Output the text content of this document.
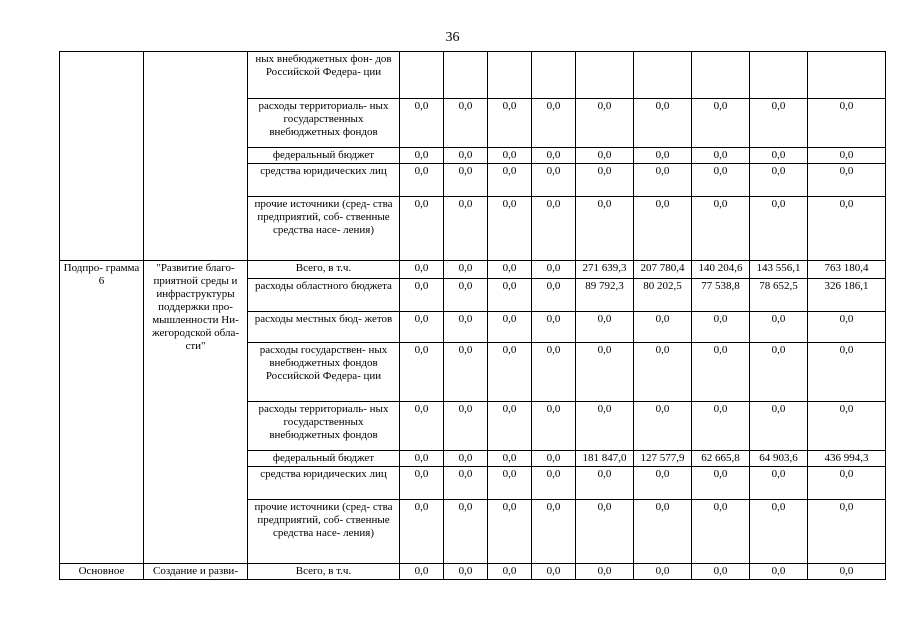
36
		ных внебюджетных фон- дов Российской Федера- ции									
		расходы территориаль- ных государственных внебюджетных фондов	0,0	0,0	0,0	0,0	0,0	0,0	0,0	0,0	0,0
		федеральный бюджет	0,0	0,0	0,0	0,0	0,0	0,0	0,0	0,0	0,0
		средства юридических лиц	0,0	0,0	0,0	0,0	0,0	0,0	0,0	0,0	0,0
		прочие источники (сред- ства предприятий, соб- ственные средства насе- ления)	0,0	0,0	0,0	0,0	0,0	0,0	0,0	0,0	0,0
Подпро- грамма 6	"Развитие благо- приятной среды и инфраструктуры поддержки про- мышленности Ни- жегородской обла- сти"	Всего, в т.ч.	0,0	0,0	0,0	0,0	271 639,3	207 780,4	140 204,6	143 556,1	763 180,4
		расходы областного бюджета	0,0	0,0	0,0	0,0	89 792,3	80 202,5	77 538,8	78 652,5	326 186,1
		расходы местных бюд- жетов	0,0	0,0	0,0	0,0	0,0	0,0	0,0	0,0	0,0
		расходы государствен- ных внебюджетных фондов Российской Федера- ции	0,0	0,0	0,0	0,0	0,0	0,0	0,0	0,0	0,0
		расходы территориаль- ных государственных внебюджетных фондов	0,0	0,0	0,0	0,0	0,0	0,0	0,0	0,0	0,0
		федеральный бюджет	0,0	0,0	0,0	0,0	181 847,0	127 577,9	62 665,8	64 903,6	436 994,3
		средства юридических лиц	0,0	0,0	0,0	0,0	0,0	0,0	0,0	0,0	0,0
		прочие источники (сред- ства предприятий, соб- ственные средства насе- ления)	0,0	0,0	0,0	0,0	0,0	0,0	0,0	0,0	0,0
Основное	Создание и разви-	Всего, в т.ч.	0,0	0,0	0,0	0,0	0,0	0,0	0,0	0,0	0,0
